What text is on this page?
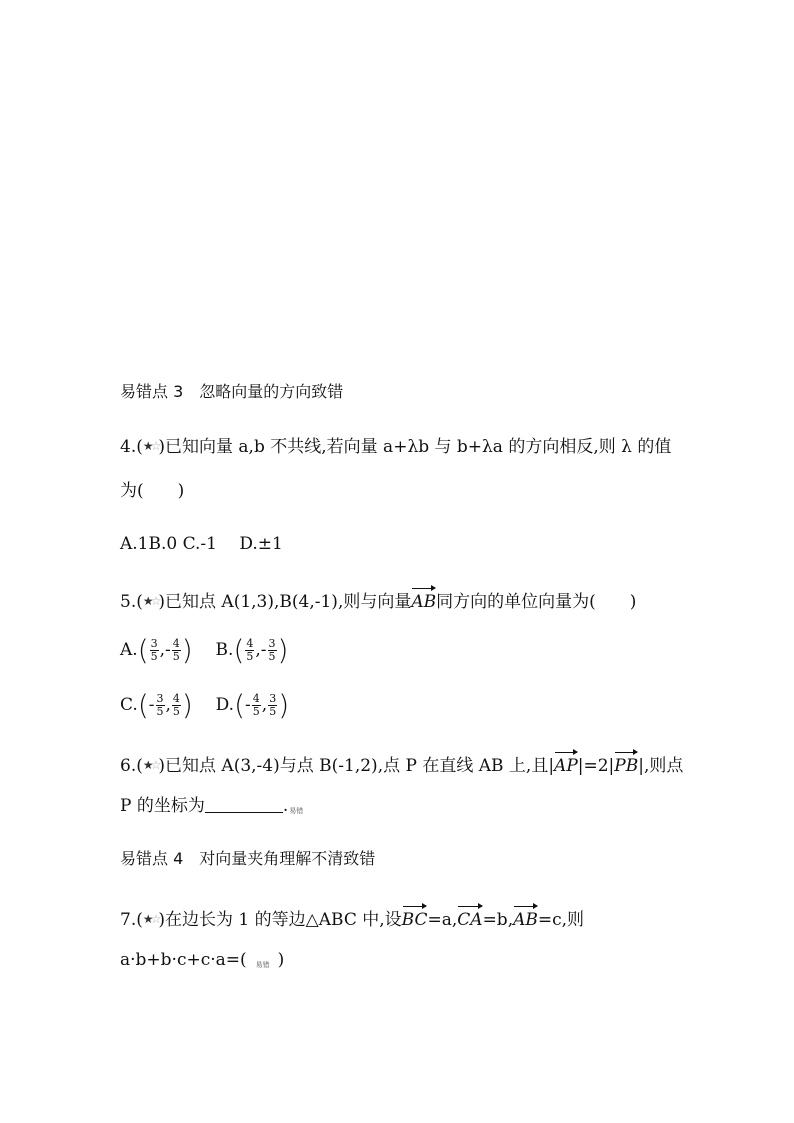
易错点 3　忽略向量的方向致错
4.(★☆)已知向量 a,b 不共线,若向量 a+λb 与 b+λa 的方向相反,则 λ 的值
为(　　)
A.1B.0 C.-1　 D.±1
5.(★☆)已知点 A(1,3),B(4,-1),则与向量AB同方向的单位向量为(　　)
$A.( \frac{3}{5}$ ,- $\frac{4}{5}$ ) $B.( \frac{4}{5}$ ,- $\frac{3}{5}$ )
$C.(- \frac{3}{5}$ , $\frac{4}{5}$ ) $D.(- \frac{4}{5}$ , $\frac{3}{5}$ )
6.(★☆)已知点 A(3,-4)与点 B(-1,2),点 P 在直线 AB 上,且|AP|=2|PB|,则点
P 的坐标为	.易错
易错点 4　对向量夹角理解不清致错
7.(★☆)在边长为 1 的等边△ABC 中,设BC=a,CA=b,AB=c,则
a·b+b·c+c·a=( 易错 )
